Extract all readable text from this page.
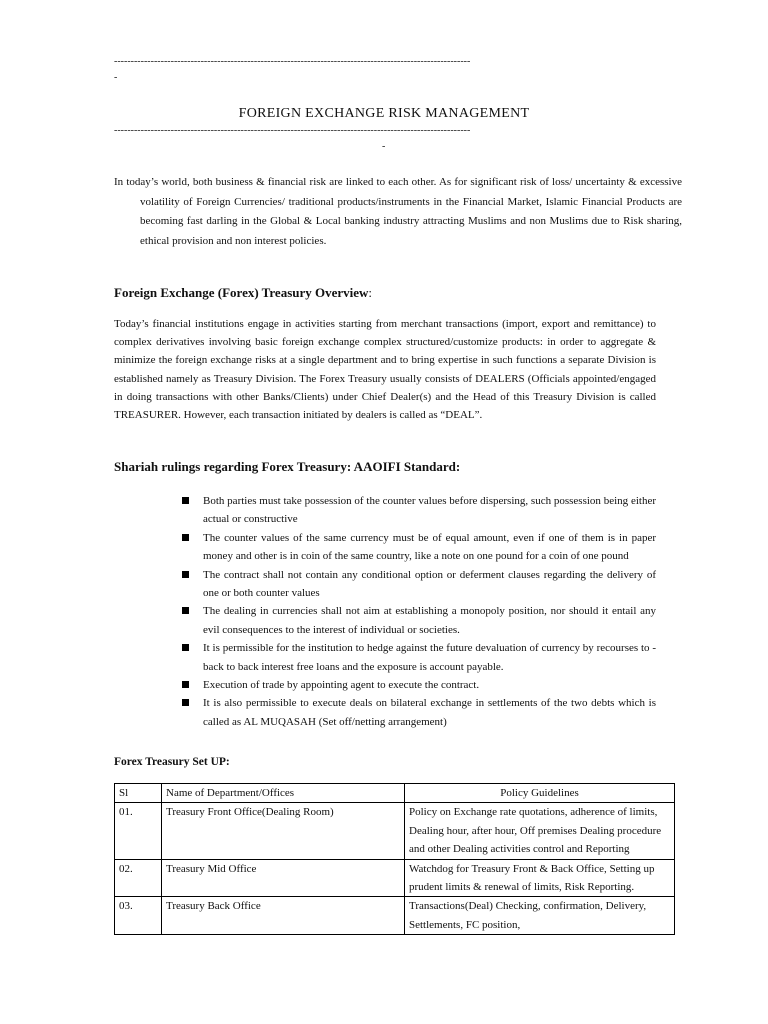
-----------------------------------------------------------------------------------------------------------
-
FOREIGN EXCHANGE RISK MANAGEMENT
-----------------------------------------------------------------------------------------------------------
-
In today’s world, both business & financial risk are linked to each other. As for significant risk of loss/ uncertainty & excessive volatility of Foreign Currencies/ traditional products/instruments in the Financial Market, Islamic Financial Products are becoming fast darling in the Global & Local banking industry attracting Muslims and non Muslims due to Risk sharing, ethical provision and non interest policies.
Foreign Exchange (Forex) Treasury Overview:
Today’s financial institutions engage in activities starting from merchant transactions (import, export and remittance) to complex derivatives involving basic foreign exchange complex structured/customize products: in order to aggregate & minimize the foreign exchange risks at a single department and to bring expertise in such functions a separate Division is established namely as Treasury Division. The Forex Treasury usually consists of DEALERS (Officials appointed/engaged in doing transactions with other Banks/Clients) under Chief Dealer(s) and the Head of this Treasury Division is called TREASURER. However, each transaction initiated by dealers is called as “DEAL”.
Shariah rulings regarding Forex Treasury: AAOIFI Standard:
Both parties must take possession of the counter values before dispersing, such possession being either actual or constructive
The counter values of the same currency must be of equal amount, even if one of them is in paper money and other is in coin of the same country, like a note on one pound for a coin of one pound
The contract shall not contain any conditional option or deferment clauses regarding the delivery of one or both counter values
The dealing in currencies shall not aim at establishing a monopoly position, nor should it entail any evil consequences to the interest of individual or societies.
It is permissible for the institution to hedge against the future devaluation of currency by recourses to -back to back interest free loans and the exposure is account payable.
Execution of trade by appointing agent to execute the contract.
It is also permissible to execute deals on bilateral exchange in settlements of the two debts which is called as AL MUQASAH (Set off/netting arrangement)
Forex Treasury Set UP:
Sl	Name of Department/Offices	Policy Guidelines
01.	Treasury Front Office(Dealing Room)	Policy on Exchange rate quotations, adherence of limits, Dealing hour, after hour, Off premises Dealing procedure and other Dealing activities control and Reporting
02.	Treasury Mid Office	Watchdog for Treasury Front & Back Office, Setting up prudent limits & renewal of limits, Risk Reporting.
03.	Treasury Back Office	Transactions(Deal) Checking, confirmation, Delivery, Settlements, FC position,
